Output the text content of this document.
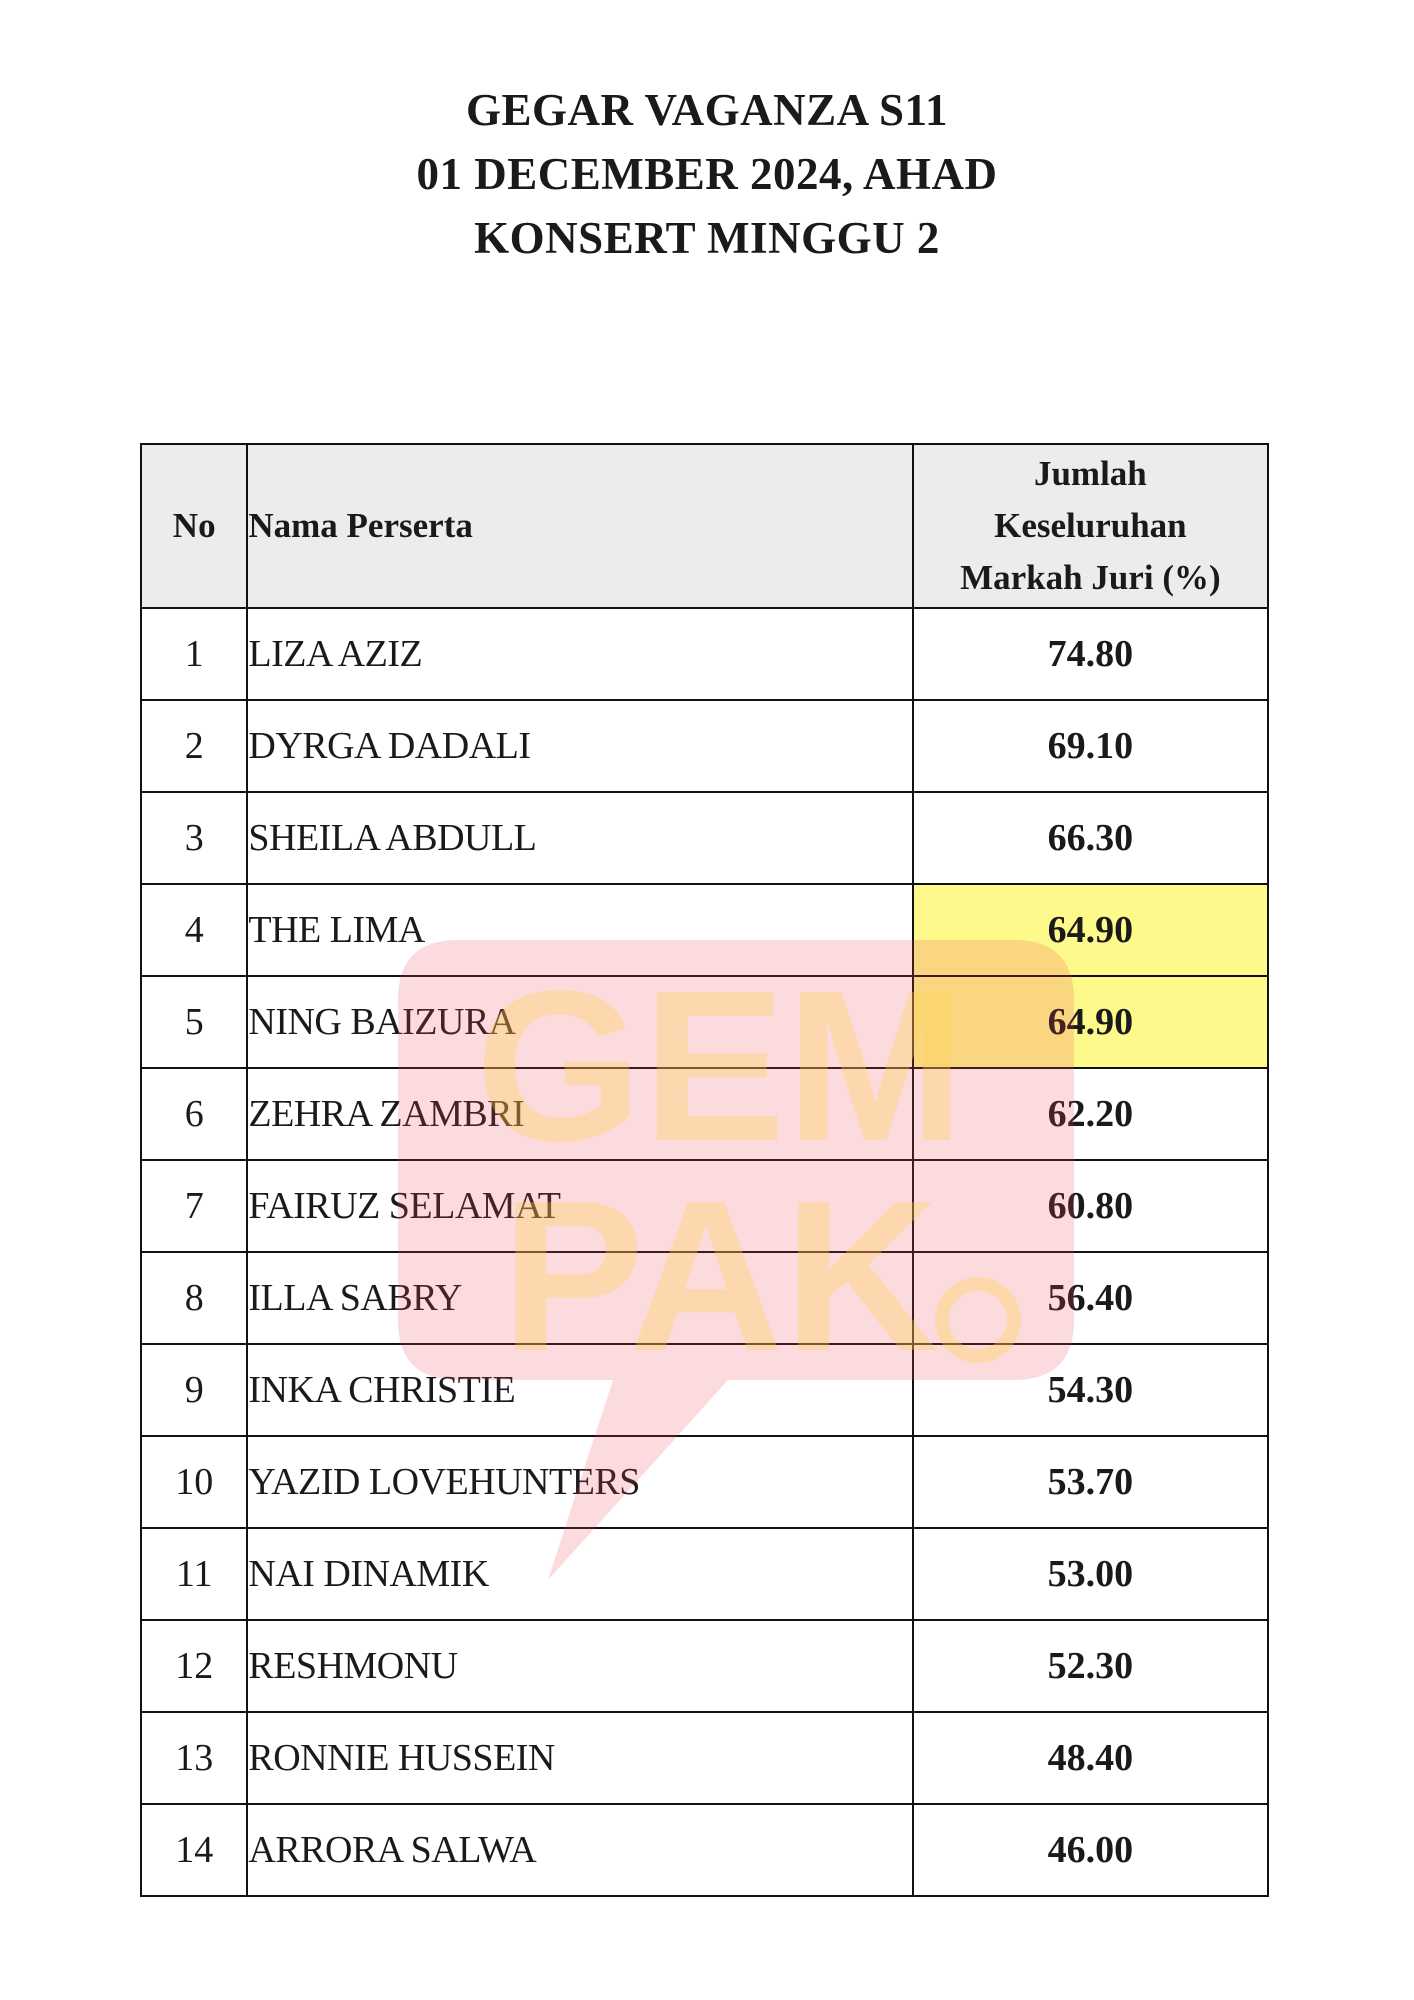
GEGAR VAGANZA S11
01 DECEMBER 2024, AHAD
KONSERT MINGGU 2
No	Nama Perserta	Jumlah
Keseluruhan
Markah Juri (%)

1	LIZA AZIZ	74.80
2	DYRGA DADALI	69.10
3	SHEILA ABDULL	66.30
4	THE LIMA	64.90
5	NING BAIZURA	64.90
6	ZEHRA ZAMBRI	62.20
7	FAIRUZ SELAMAT	60.80
8	ILLA SABRY	56.40
9	INKA CHRISTIE	54.30
10	YAZID LOVEHUNTERS	53.70
11	NAI DINAMIK	53.00
12	RESHMONU	52.30
13	RONNIE HUSSEIN	48.40
14	ARRORA SALWA	46.00
GEM
PAK
